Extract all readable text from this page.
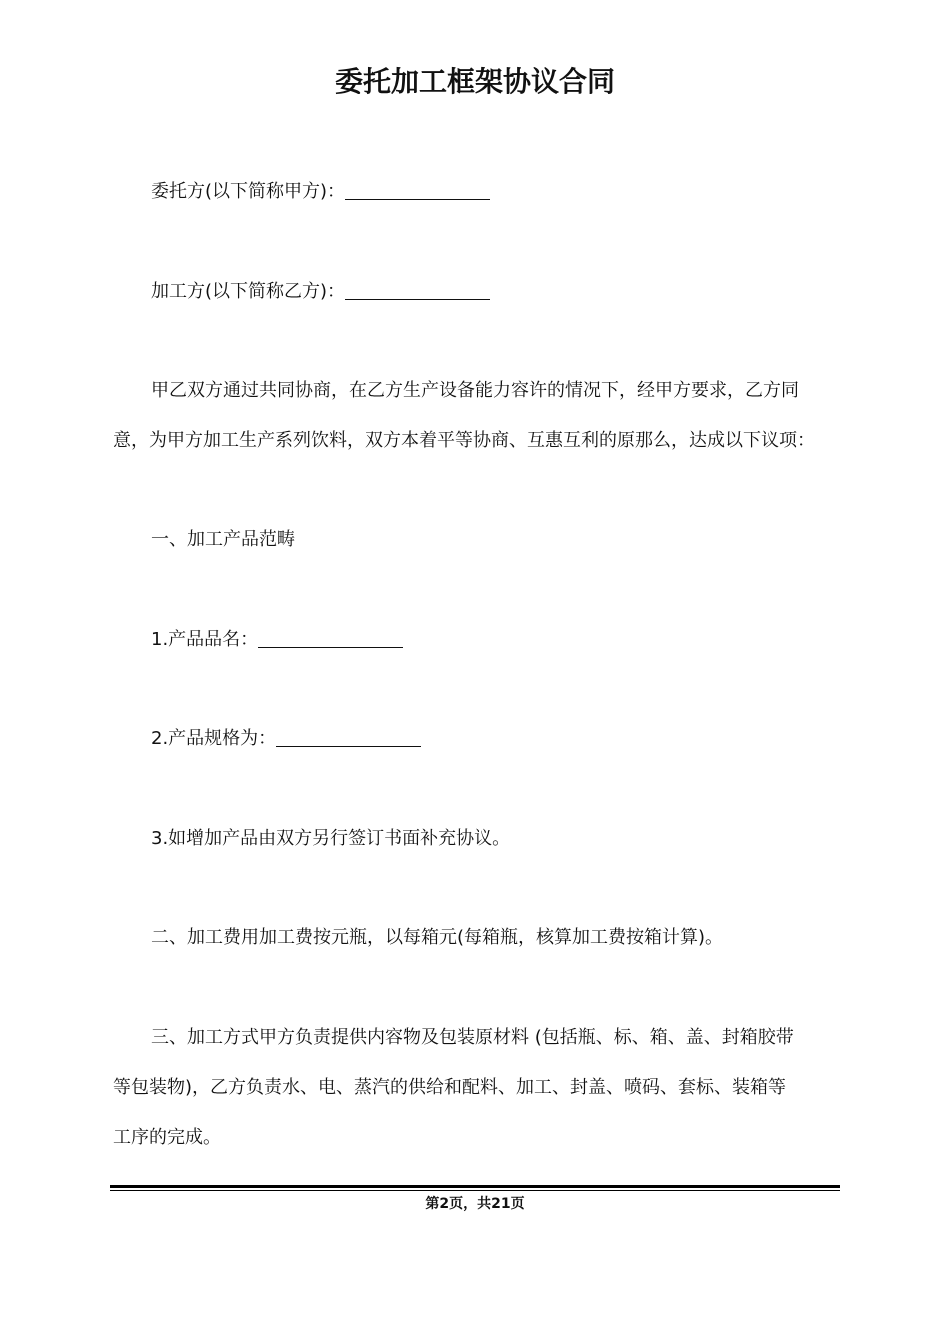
委托加工框架协议合同
委托方(以下简称甲方)：
加工方(以下简称乙方)：
甲乙双方通过共同协商，在乙方生产设备能力容许的情况下，经甲方要求，乙方同
意，为甲方加工生产系列饮料，双方本着平等协商、互惠互利的原那么，达成以下议项：
一、加工产品范畴
1.产品品名：
2.产品规格为：
3.如增加产品由双方另行签订书面补充协议。
二、加工费用加工费按元瓶，以每箱元(每箱瓶，核算加工费按箱计算)。
三、加工方式甲方负责提供内容物及包装原材料 (包括瓶、标、箱、盖、封箱胶带
等包装物)，乙方负责水、电、蒸汽的供给和配料、加工、封盖、喷码、套标、装箱等
工序的完成。
第2页，共21页
